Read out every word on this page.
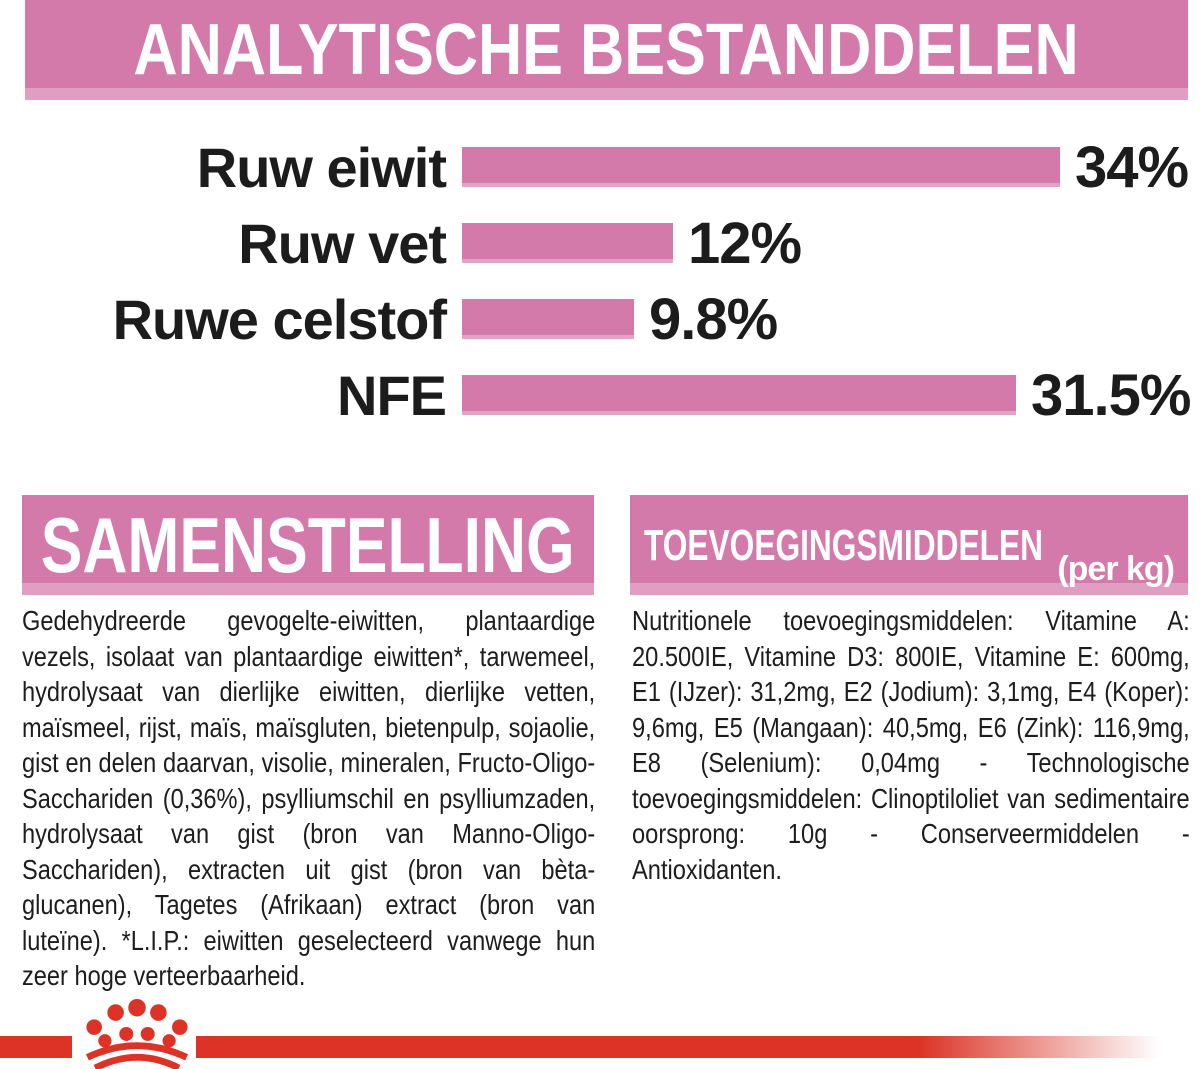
ANALYTISCHE BESTANDDELEN
Ruw eiwit	34%
Ruw vet	12%
Ruwe celstof	9.8%
NFE	31.5%
SAMENSTELLING
Gedehydreerde gevogelte-eiwitten, plantaardige vezels, isolaat van plantaardige eiwitten*, tarwemeel, hydrolysaat van dierlijke eiwitten, dierlijke vetten, maïsmeel, rijst, maïs, maïsgluten, bietenpulp, sojaolie, gist en delen daarvan, visolie, mineralen, Fructo-Oligo-Sacchariden (0,36%), psylliumschil en psylliumzaden, hydrolysaat van gist (bron van Manno-Oligo-Sacchariden), extracten uit gist (bron van bèta-glucanen), Tagetes (Afrikaan) extract (bron van luteïne). *L.I.P.: eiwitten geselecteerd vanwege hun zeer hoge verteerbaarheid.
TOEVOEGINGSMIDDELEN (per kg)
Nutritionele toevoegingsmiddelen: Vitamine A: 20.500IE, Vitamine D3: 800IE, Vitamine E: 600mg, E1 (IJzer): 31,2mg, E2 (Jodium): 3,1mg, E4 (Koper): 9,6mg, E5 (Mangaan): 40,5mg, E6 (Zink): 116,9mg, E8 (Selenium): 0,04mg - Technologische toevoegingsmiddelen: Clinoptiloliet van sedimentaire oorsprong: 10g - Conserveermiddelen - Antioxidanten.
